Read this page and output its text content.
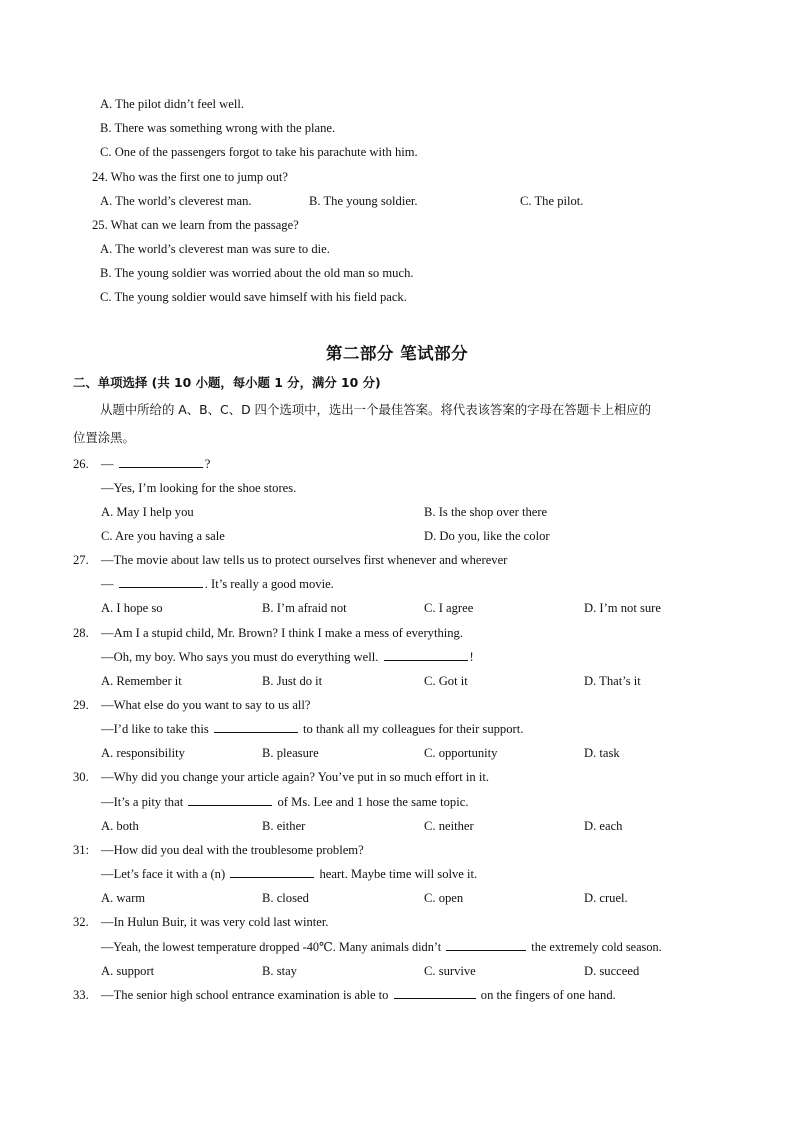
A. The pilot didn’t feel well.
B. There was something wrong with the plane.
C. One of the passengers forgot to take his parachute with him.
24. Who was the first one to jump out?
A. The world’s cleverest man.	B. The young soldier.	C. The pilot.
25. What can we learn from the passage?
A. The world’s cleverest man was sure to die.
B. The young soldier was worried about the old man so much.
C. The young soldier would save himself with his field pack.
第二部分 笔试部分
二、单项选择 (共 10 小题，每小题 1 分，满分 10 分)
从题中所给的 A、B、C、D 四个选项中，选出一个最佳答案。将代表该答案的字母在答题卡上相应的
位置涂黑。
26. —	?
—Yes, I’m looking for the shoe stores.
A. May I help you	B. Is the shop over there
C. Are you having a sale	D. Do you, like the color
27. —The movie about law tells us to protect ourselves first whenever and wherever
—	. It’s really a good movie.
A. I hope so	B. I’m afraid not	C. I agree	D. I’m not sure
28. —Am I a stupid child, Mr. Brown? I think I make a mess of everything.
—Oh, my boy. Who says you must do everything well.	!
A. Remember it	B. Just do it	C. Got it	D. That’s it
29. —What else do you want to say to us all?
—I’d like to take this	to thank all my colleagues for their support.
A. responsibility	B. pleasure	C. opportunity	D. task
30. —Why did you change your article again? You’ve put in so much effort in it.
—It’s a pity that	of Ms. Lee and 1 hose the same topic.
A. both	B. either	C. neither	D. each
31: —How did you deal with the troublesome problem?
—Let’s face it with a (n)	heart. Maybe time will solve it.
A. warm	B. closed	C. open	D. cruel.
32. —In Hulun Buir, it was very cold last winter.
—Yeah, the lowest temperature dropped -40℃. Many animals didn’t	the extremely cold season.
A. support	B. stay	C. survive	D. succeed
33. —The senior high school entrance examination is able to	on the fingers of one hand.
